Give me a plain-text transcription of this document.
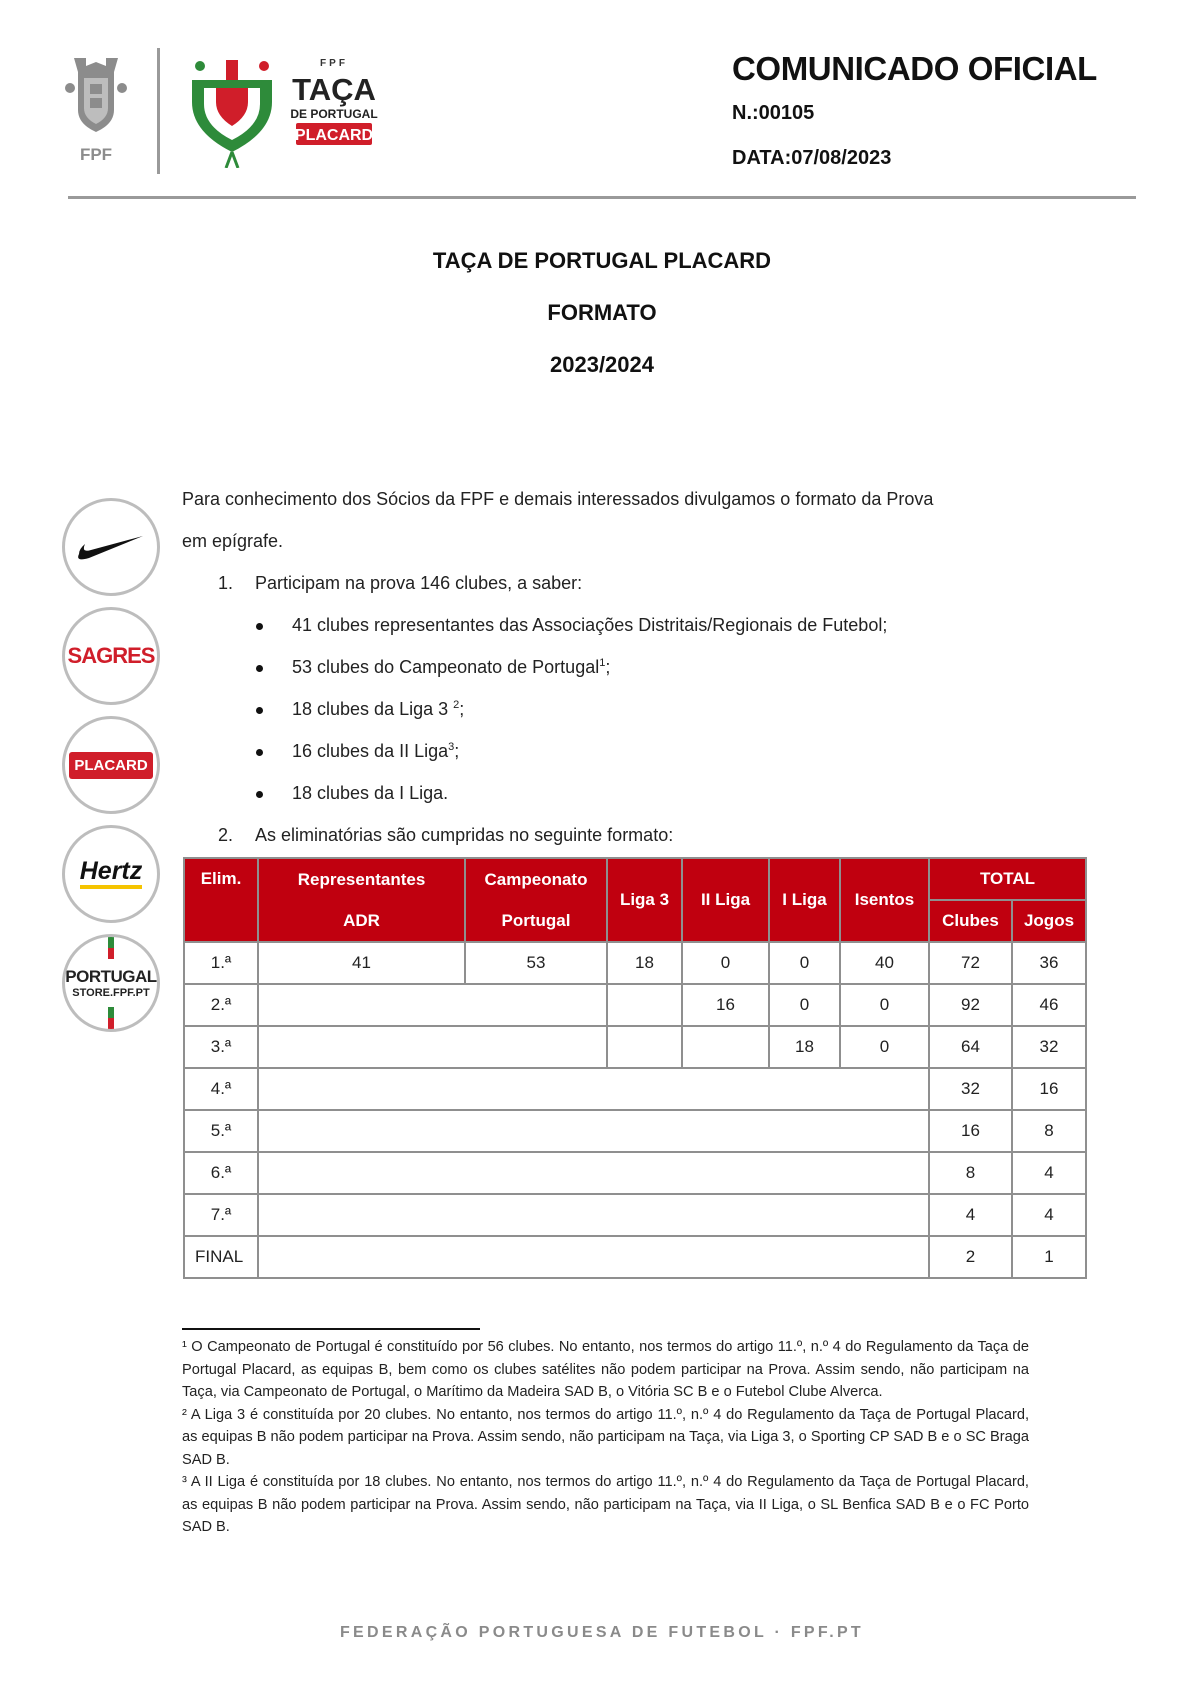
FPF
FPF
TAÇA
DE PORTUGAL
PLACARD
COMUNICADO OFICIAL
N.:00105
DATA:07/08/2023
TAÇA DE PORTUGAL PLACARD
FORMATO
2023/2024
SAGRES
PLACARD
Hertz
PORTUGAL
STORE.FPF.PT
Para conhecimento dos Sócios da FPF e demais interessados divulgamos o formato da Prova
em epígrafe.
1. Participam na prova 146 clubes, a saber:
41 clubes representantes das Associações Distritais/Regionais de Futebol;
53 clubes do Campeonato de Portugal$^1$;
18 clubes da Liga 3 $^2$;
16 clubes da II Liga$^3$;
18 clubes da I Liga.
2. As eliminatórias são cumpridas no seguinte formato:
Elim.	Representantes	Campeonato	Liga 3	II Liga	I Liga	Isentos	TOTAL	
	ADR	Portugal					Clubes	Jogos
1.ª	41	53	18	0	0	40	72	36
2.ª				16	0	0	92	46
3.ª					18	0	64	32
4.ª							32	16
5.ª							16	8
6.ª							8	4
7.ª							4	4
FINAL							2	1

¹ O Campeonato de Portugal é constituído por 56 clubes. No entanto, nos termos do artigo 11.º, n.º 4 do Regulamento da Taça de Portugal Placard, as equipas B, bem como os clubes satélites não podem participar na Prova. Assim sendo, não participam na Taça, via Campeonato de Portugal, o Marítimo da Madeira SAD B, o Vitória SC B e o Futebol Clube Alverca.

² A Liga 3 é constituída por 20 clubes. No entanto, nos termos do artigo 11.º, n.º 4 do Regulamento da Taça de Portugal Placard, as equipas B não podem participar na Prova. Assim sendo, não participam na Taça, via Liga 3, o Sporting CP SAD B e o SC Braga SAD B.

³ A II Liga é constituída por 18 clubes. No entanto, nos termos do artigo 11.º, n.º 4 do Regulamento da Taça de Portugal Placard, as equipas B não podem participar na Prova. Assim sendo, não participam na Taça, via II Liga, o SL Benfica SAD B e o FC Porto SAD B.

FEDERAÇÃO PORTUGUESA DE FUTEBOL · FPF.PT
